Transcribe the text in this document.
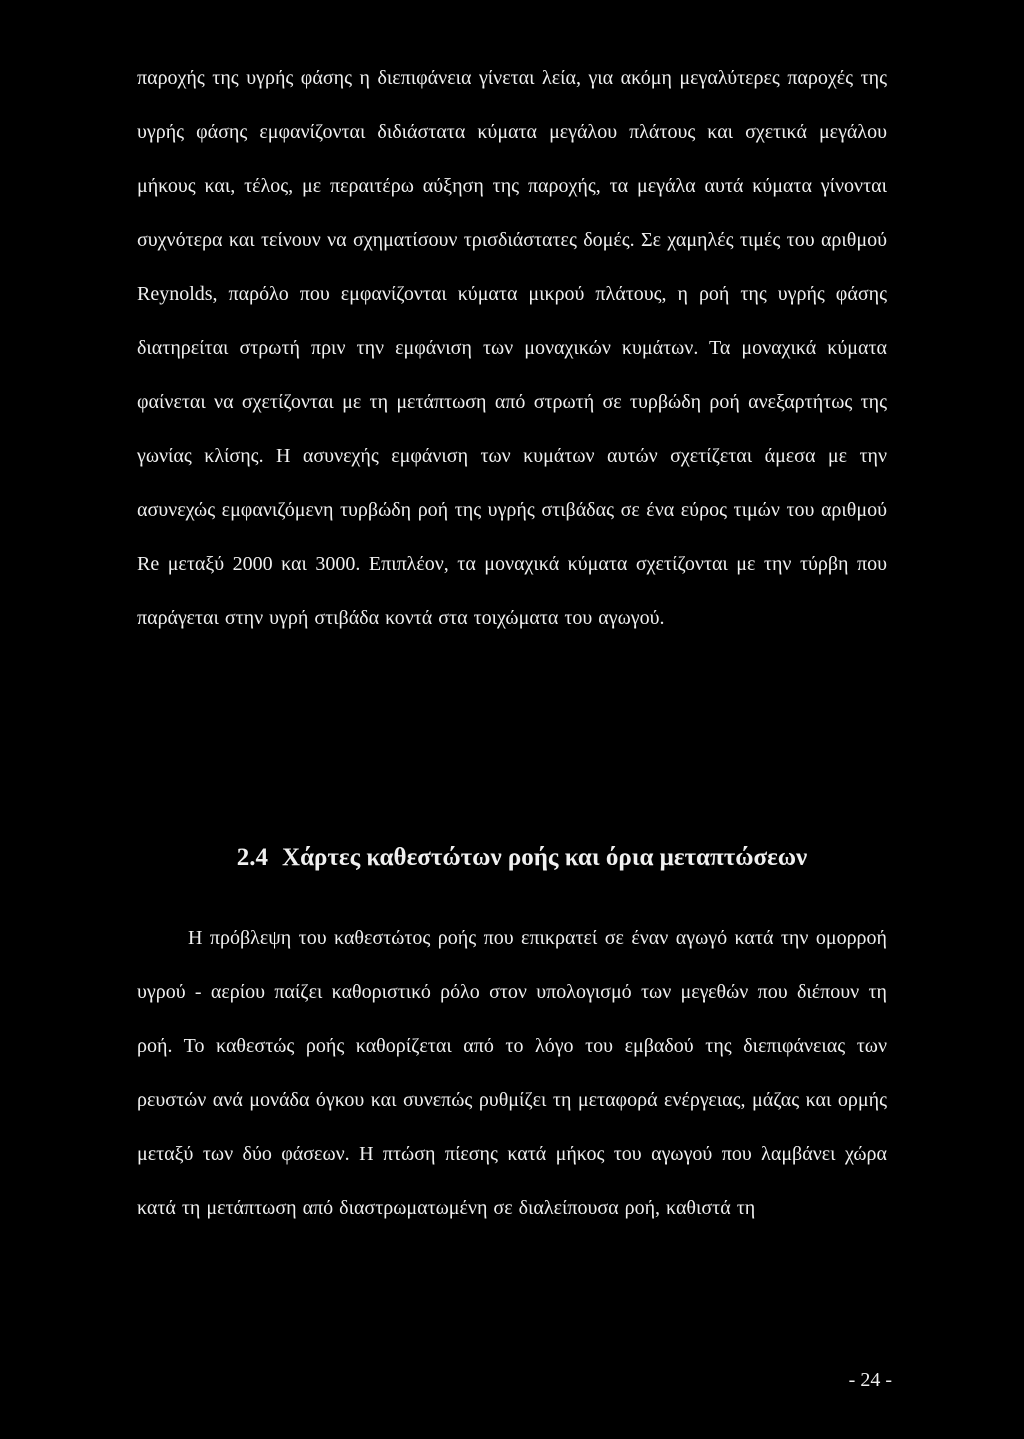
παροχής της υγρής φάσης η διεπιφάνεια γίνεται λεία, για ακόμη μεγαλύτερες παροχές της υγρής φάσης εμφανίζονται διδιάστατα κύματα μεγάλου πλάτους και σχετικά μεγάλου μήκους και, τέλος, με περαιτέρω αύξηση της παροχής, τα μεγάλα αυτά κύματα γίνονται συχνότερα και τείνουν να σχηματίσουν τρισδιάστατες δομές. Σε χαμηλές τιμές του αριθμού Reynolds, παρόλο που εμφανίζονται κύματα μικρού πλάτους, η ροή της υγρής φάσης διατηρείται στρωτή πριν την εμφάνιση των μοναχικών κυμάτων. Τα μοναχικά κύματα φαίνεται να σχετίζονται με τη μετάπτωση από στρωτή σε τυρβώδη ροή ανεξαρτήτως της γωνίας κλίσης. Η ασυνεχής εμφάνιση των κυμάτων αυτών σχετίζεται άμεσα με την ασυνεχώς εμφανιζόμενη τυρβώδη ροή της υγρής στιβάδας σε ένα εύρος τιμών του αριθμού Re μεταξύ 2000 και 3000. Επιπλέον, τα μοναχικά κύματα σχετίζονται με την τύρβη που παράγεται στην υγρή στιβάδα κοντά στα τοιχώματα του αγωγού.

2.4 Χάρτες καθεστώτων ροής και όρια μεταπτώσεων

Η πρόβλεψη του καθεστώτος ροής που επικρατεί σε έναν αγωγό κατά την ομορροή υγρού - αερίου παίζει καθοριστικό ρόλο στον υπολογισμό των μεγεθών που διέπουν τη ροή. Το καθεστώς ροής καθορίζεται από το λόγο του εμβαδού της διεπιφάνειας των ρευστών ανά μονάδα όγκου και συνεπώς ρυθμίζει τη μεταφορά ενέργειας, μάζας και ορμής μεταξύ των δύο φάσεων. Η πτώση πίεσης κατά μήκος του αγωγού που λαμβάνει χώρα κατά τη μετάπτωση από διαστρωματωμένη σε διαλείπουσα ροή, καθιστά τη

- 24 -
